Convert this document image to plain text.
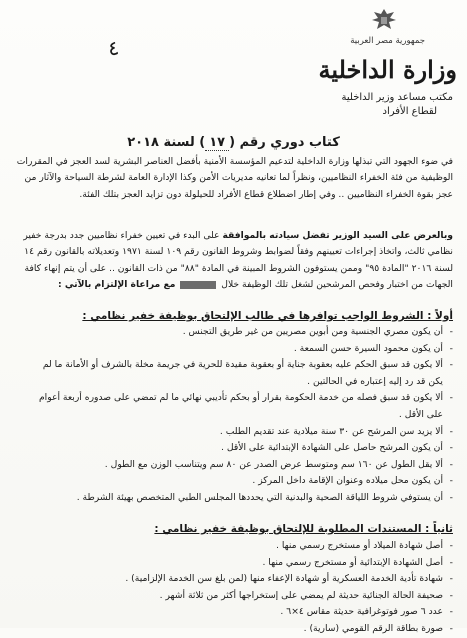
جمهورية مصر العربية
وزارة الداخلية
مكتب مساعد وزير الداخلية
لقطاع الأفراد
٤
كتاب دوري رقم (١٧) لسنة ٢٠١٨
في ضوء الجهود التي تبذلها وزارة الداخلية لتدعيم المؤسسة الأمنية بأفضل العناصر البشرية لسد العجز في المقررات الوظيفية من فئة الخفراء النظاميين، ونظراً لما تعانيه مديريات الأمن وكذا الإدارة العامة لشرطة السياحة والآثار من عجز بقوة الخفراء النظاميين .. وفي إطار اضطلاع قطاع الأفراد للحيلولة دون تزايد العجز بتلك الفئة.
وبالعرض على السيد الوزير تفضل سيادته بالموافقة على البدء في تعيين خفراء نظاميين جدد بدرجة خفير نظامي ثالث، واتخاذ إجراءات تعيينهم وفقاً لضوابط وشروط القانون رقم ١٠٩ لسنة ١٩٧١ وتعديلاته بالقانون رقم ١٤ لسنة ٢٠١٦ "المادة ٩٥" وممن يستوفون الشروط المبينة في المادة "٨٨" من ذات القانون .. على أن يتم إنهاء كافة الجهات من اختبار وفحص المرشحين لشغل تلك الوظيفة خلال  مع مراعاة الإلتزام بالآتي :
أولاً : الشروط الواجب توافرها في طالب الإلتحاق بوظيفة خفير نظامي :
- أن يكون مصري الجنسية ومن أبوين مصريين من غير طريق التجنس .
- أن يكون محمود السيرة حسن السمعة .
- ألا يكون قد سبق الحكم عليه بعقوبة جناية أو بعقوبة مقيدة للحرية في جريمة مخلة بالشرف أو الأمانة ما لم يكن قد رد إليه إعتباره في الحالتين .
- ألا يكون قد سبق فصله من خدمة الحكومة بقرار أو بحكم تأديبي نهائي ما لم تمضي على صدوره أربعة أعوام على الأقل .
- ألا يزيد سن المرشح عن ٣٠ سنة ميلادية عند تقديم الطلب .
- أن يكون المرشح حاصل على الشهادة الإبتدائية على الأقل .
- ألا يقل الطول عن ١٦٠ سم ومتوسط عرض الصدر عن ٨٠ سم ويتناسب الوزن مع الطول .
- أن يكون محل ميلاده وعنوان الإقامة داخل المركز .
- أن يستوفي شروط اللياقة الصحية والبدنية التي يحددها المجلس الطبي المتخصص بهيئة الشرطة .
ثانياً : المستندات المطلوبة للإلتحاق بوظيفة خفير نظامي :
- أصل شهادة الميلاد أو مستخرج رسمي منها .
- أصل الشهادة الإبتدائية أو مستخرج رسمي منها .
- شهادة تأدية الخدمة العسكرية أو شهادة الإعفاء منها (لمن بلغ سن الخدمة الإلزامية) .
- صحيفة الحالة الجنائية حديثة لم يمضي على إستخراجها أكثر من ثلاثة أشهر .
- عدد ٦ صور فوتوغرافية حديثة مقاس ٤×٦ .
- صورة بطاقة الرقم القومي (سارية) .
